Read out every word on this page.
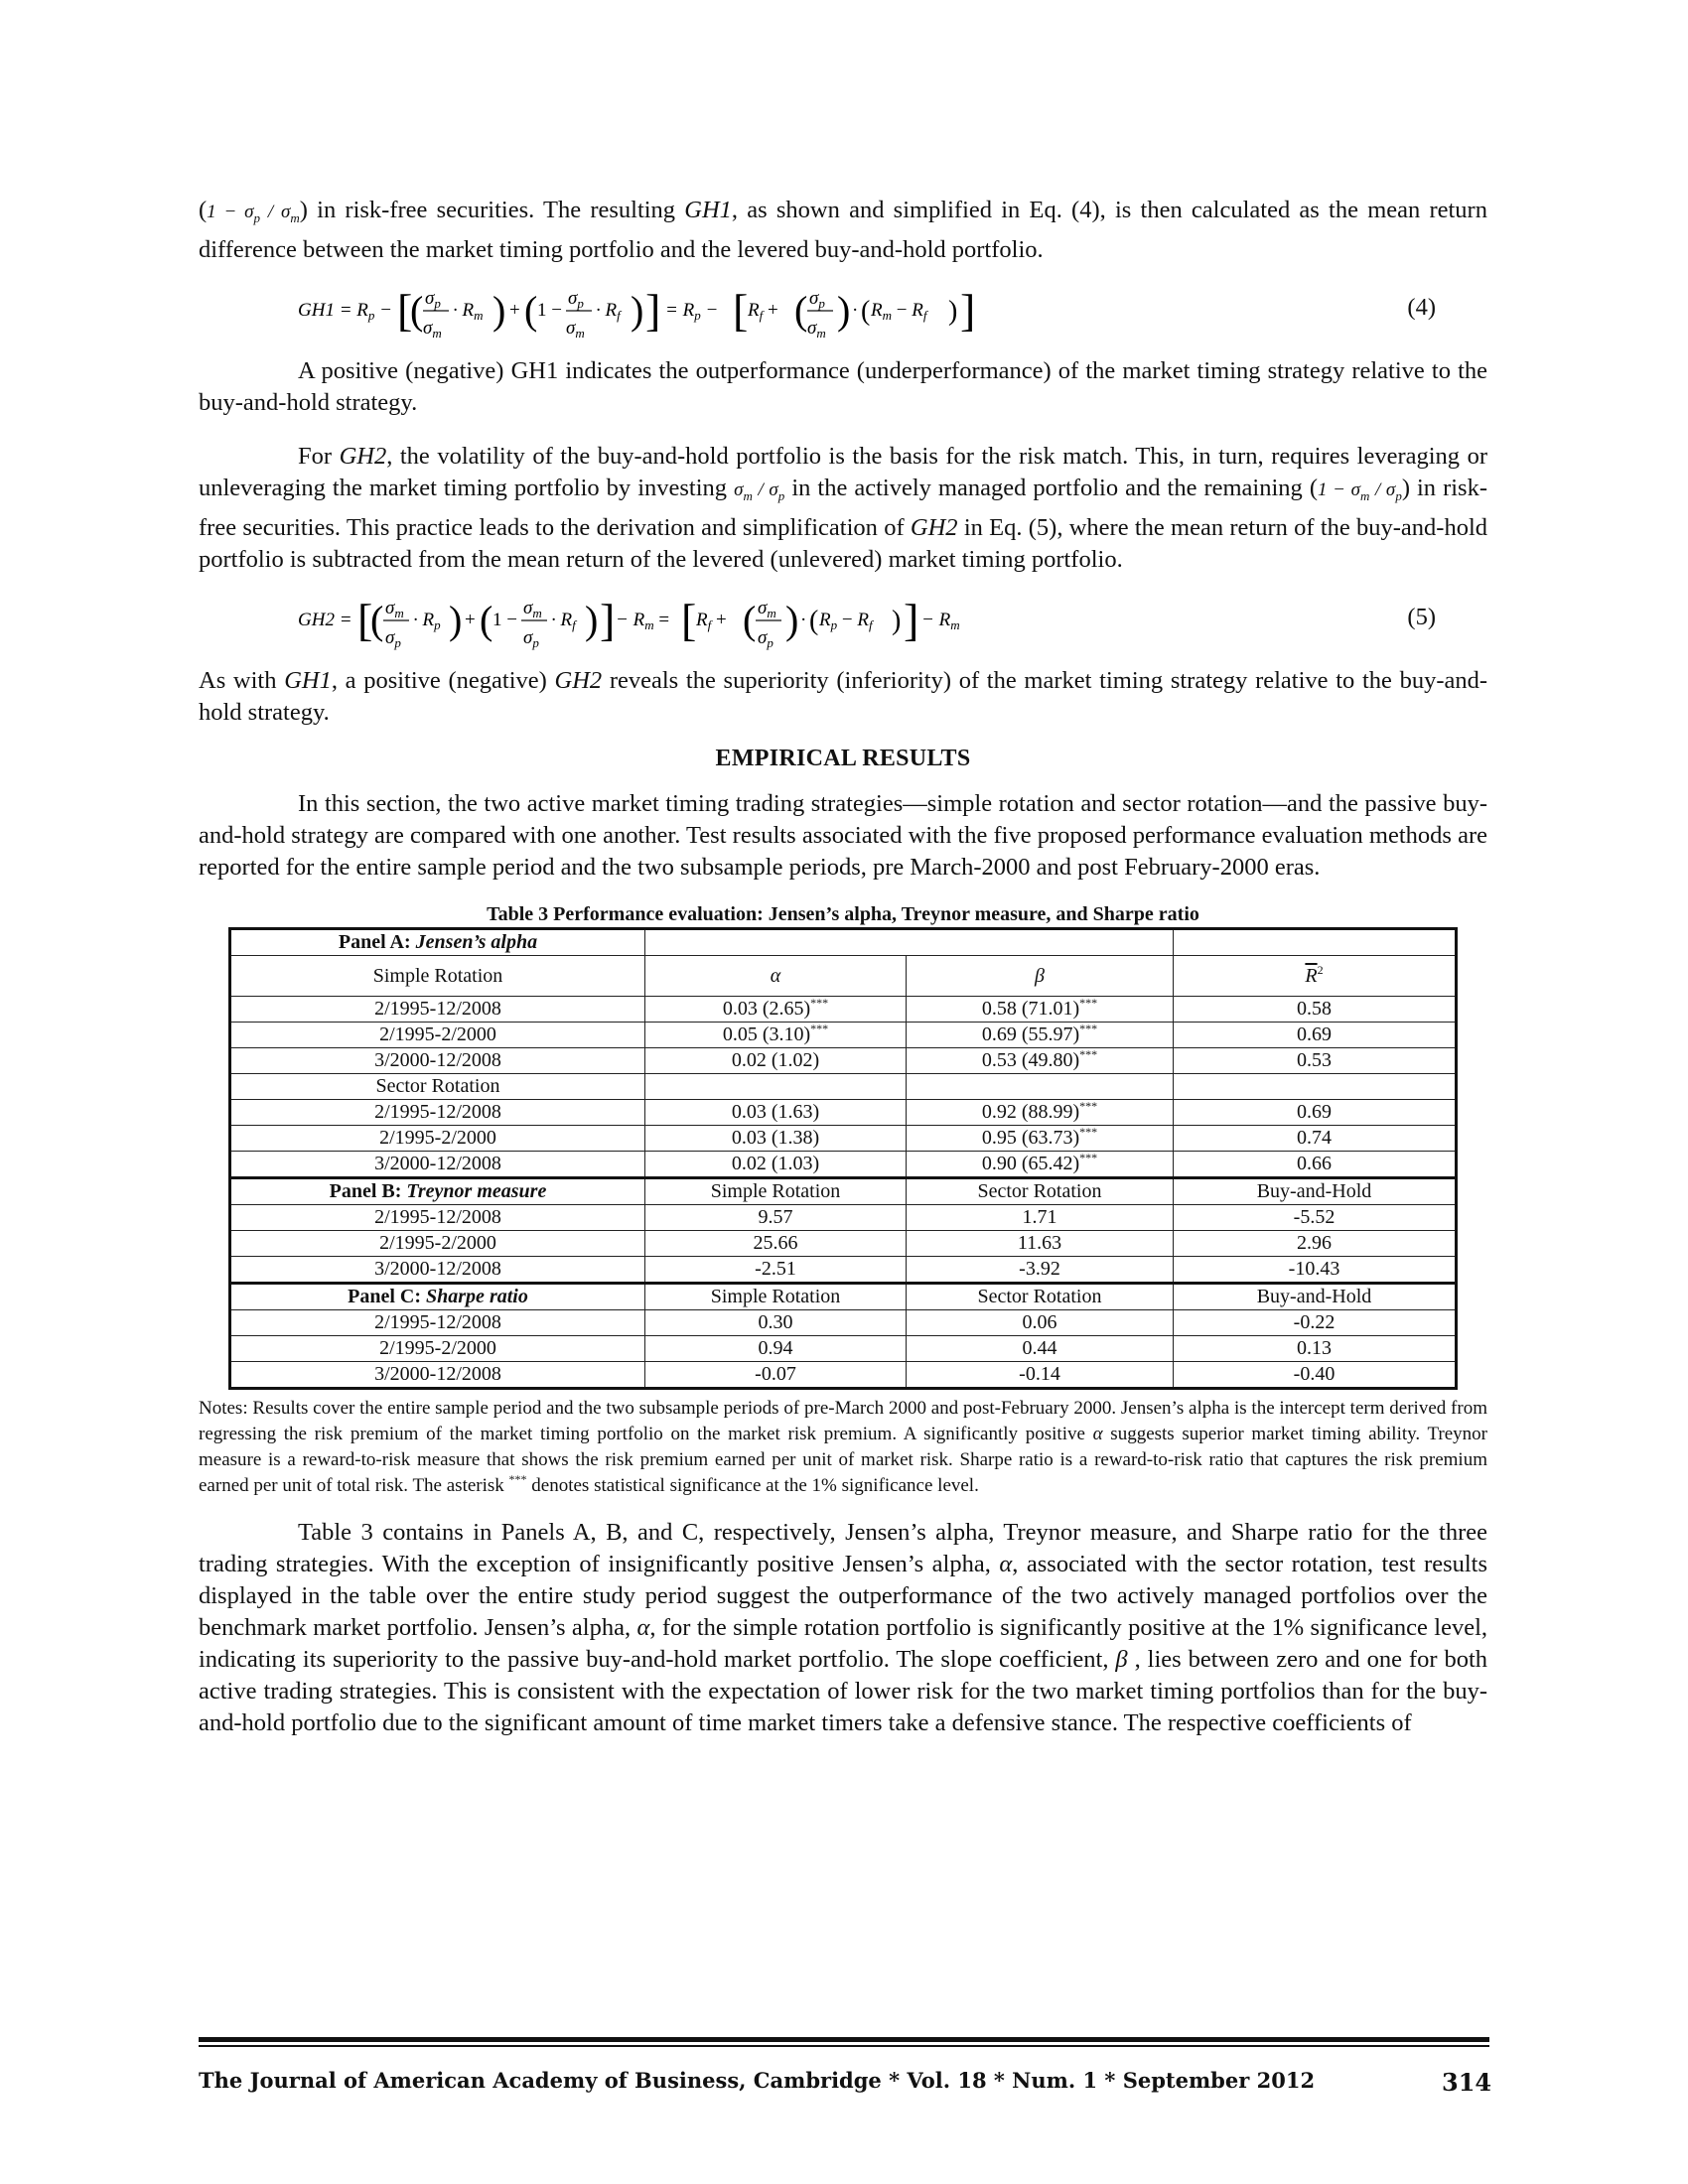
$(1 - \sigma_p / \sigma_m)$ in risk-free securities. The resulting GH1, as shown and simplified in Eq. (4), is then calculated as the mean return difference between the market timing portfolio and the levered buy-and-hold portfolio.

$GH1 = R_p$ − [
( $\sigma_p$
$\sigma_m$
· $R_m$ ) + ( 1 −
$\sigma_p$
$\sigma_m$
· $R_f$ ) ] = $R_p$ − [ $R_f$ + ( $\sigma_p$
$\sigma_m$
) · ( $R_m - R_f$ ) ]	(4)

A positive (negative) GH1 indicates the outperformance (underperformance) of the market timing strategy relative to the buy-and-hold strategy.

For GH2, the volatility of the buy-and-hold portfolio is the basis for the risk match. This, in turn, requires leveraging or unleveraging the market timing portfolio by investing $\sigma_m / \sigma_p$ in the actively managed portfolio and the remaining $(1 - \sigma_m / \sigma_p)$ in risk-free securities. This practice leads to the derivation and simplification of GH2 in Eq. (5), where the mean return of the buy-and-hold portfolio is subtracted from the mean return of the levered (unlevered) market timing portfolio.

GH2 = [
( $\sigma_m$
$\sigma_p$
· $R_p$ ) + ( 1 −
$\sigma_m$
$\sigma_p$
· $R_f$ ) ] − $R_m$ = [ $R_f$ + ( $\sigma_m$
$\sigma_p$
) · ( $R_p - R_f$ ) ] − $R_m$	(5)

As with GH1, a positive (negative) GH2 reveals the superiority (inferiority) of the market timing strategy relative to the buy-and-hold strategy.

EMPIRICAL RESULTS

In this section, the two active market timing trading strategies—simple rotation and sector rotation—and the passive buy-and-hold strategy are compared with one another. Test results associated with the five proposed performance evaluation methods are reported for the entire sample period and the two subsample periods, pre March-2000 and post February-2000 eras.

Table 3 Performance evaluation: Jensen’s alpha, Treynor measure, and Sharpe ratio
Panel A: Jensen’s alpha			
Simple Rotation	α	β	$\overline{R}^2$
2/1995-12/2008	0.03 (2.65)***	0.58 (71.01)***	0.58
2/1995-2/2000	0.05 (3.10)***	0.69 (55.97)***	0.69
3/2000-12/2008	0.02 (1.02)	0.53 (49.80)***	0.53
Sector Rotation			
2/1995-12/2008	0.03 (1.63)	0.92 (88.99)***	0.69
2/1995-2/2000	0.03 (1.38)	0.95 (63.73)***	0.74
3/2000-12/2008	0.02 (1.03)	0.90 (65.42)***	0.66
Panel B: Treynor measure	Simple Rotation	Sector Rotation	Buy-and-Hold
2/1995-12/2008	9.57	1.71	-5.52
2/1995-2/2000	25.66	11.63	2.96
3/2000-12/2008	-2.51	-3.92	-10.43
Panel C: Sharpe ratio	Simple Rotation	Sector Rotation	Buy-and-Hold
2/1995-12/2008	0.30	0.06	-0.22
2/1995-2/2000	0.94	0.44	0.13
3/2000-12/2008	-0.07	-0.14	-0.40

Notes: Results cover the entire sample period and the two subsample periods of pre-March 2000 and post-February 2000. Jensen’s alpha is the intercept term derived from regressing the risk premium of the market timing portfolio on the market risk premium. A significantly positive α suggests superior market timing ability. Treynor measure is a reward-to-risk measure that shows the risk premium earned per unit of market risk. Sharpe ratio is a reward-to-risk ratio that captures the risk premium earned per unit of total risk. The asterisk *** denotes statistical significance at the 1% significance level.

Table 3 contains in Panels A, B, and C, respectively, Jensen’s alpha, Treynor measure, and Sharpe ratio for the three trading strategies. With the exception of insignificantly positive Jensen’s alpha, α, associated with the sector rotation, test results displayed in the table over the entire study period suggest the outperformance of the two actively managed portfolios over the benchmark market portfolio. Jensen’s alpha, α, for the simple rotation portfolio is significantly positive at the 1% significance level, indicating its superiority to the passive buy-and-hold market portfolio. The slope coefficient, β , lies between zero and one for both active trading strategies. This is consistent with the expectation of lower risk for the two market timing portfolios than for the buy-and-hold portfolio due to the significant amount of time market timers take a defensive stance. The respective coefficients of

The Journal of American Academy of Business, Cambridge * Vol. 18 * Num. 1 * September 2012	314
